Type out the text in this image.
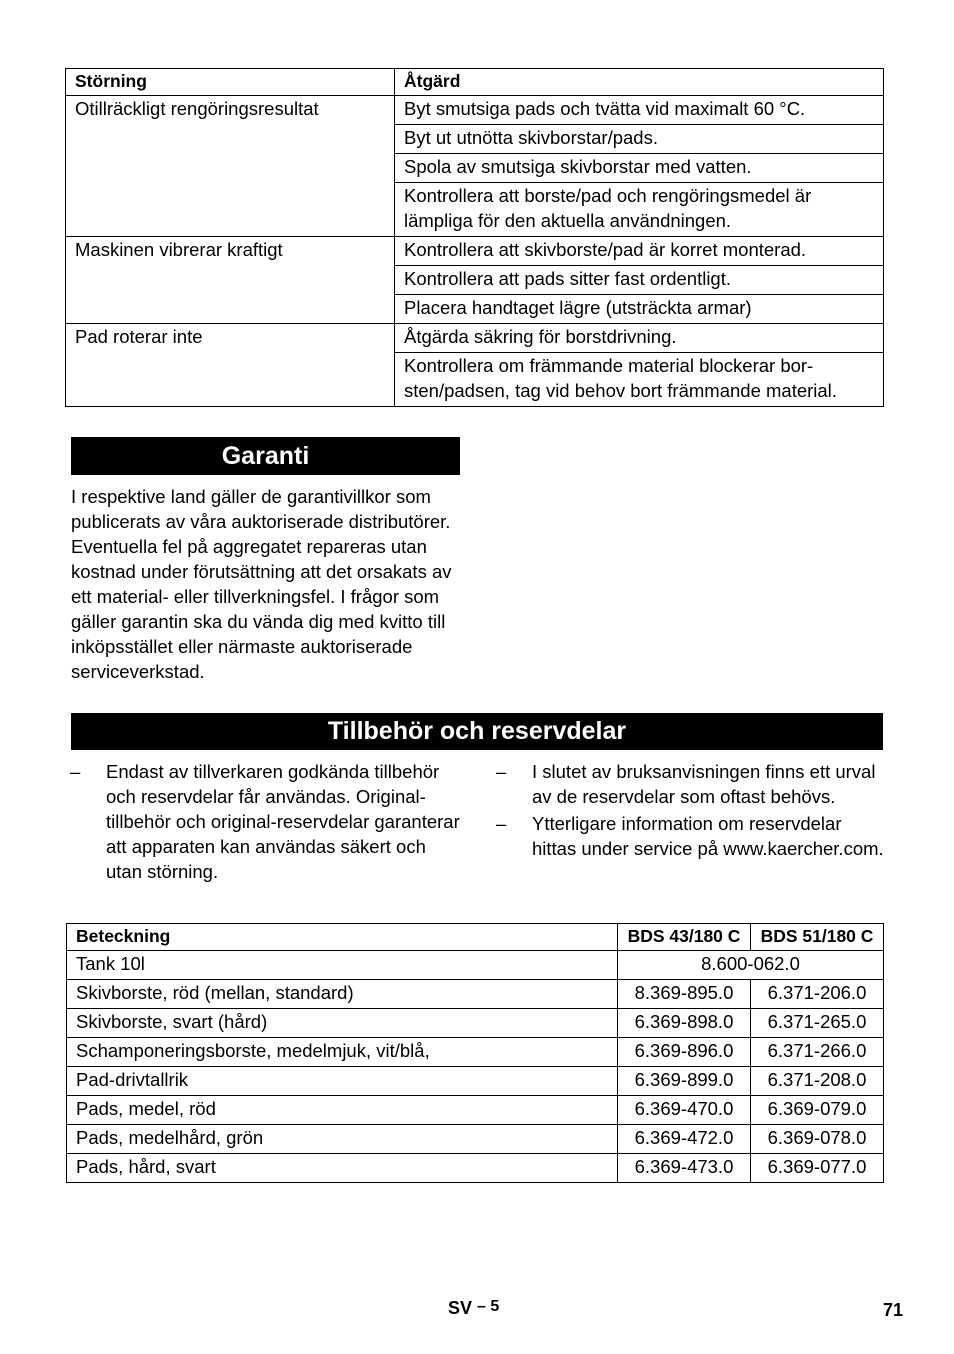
Störning	Åtgärd
Otillräckligt rengöringsresultat	Byt smutsiga pads och tvätta vid maximalt 60 °C.
	Byt ut utnötta skivborstar/pads.
	Spola av smutsiga skivborstar med vatten.
	Kontrollera att borste/pad och rengöringsmedel är lämpliga för den aktuella användningen.
Maskinen vibrerar kraftigt	Kontrollera att skivborste/pad är korret monterad.
	Kontrollera att pads sitter fast ordentligt.
	Placera handtaget lägre (utsträckta armar)
Pad roterar inte	Åtgärda säkring för borstdrivning.
	Kontrollera om främmande material blockerar bor-sten/padsen, tag vid behov bort främmande material.
Garanti

I respektive land gäller de garantivillkor som publicerats av våra auktoriserade distributörer. Eventuella fel på aggregatet repareras utan kostnad under förutsättning att det orsakats av ett material- eller tillverkningsfel. I frågor som gäller garantin ska du vända dig med kvitto till inköpsstället eller närmaste auktoriserade serviceverkstad.

Tillbehör och reservdelar
– Endast av tillverkaren godkända tillbehör och reservdelar får användas. Original-tillbehör och original-reservdelar garanterar att apparaten kan användas säkert och utan störning.
– I slutet av bruksanvisningen finns ett urval av de reservdelar som oftast behövs.
– Ytterligare information om reservdelar hittas under service på www.kaercher.com.
Beteckning	BDS 43/180 C	BDS 51/180 C
Tank 10l	8.600-062.0	
Skivborste, röd (mellan, standard)	8.369-895.0	6.371-206.0
Skivborste, svart (hård)	6.369-898.0	6.371-265.0
Schamponeringsborste, medelmjuk, vit/blå,	6.369-896.0	6.371-266.0
Pad-drivtallrik	6.369-899.0	6.371-208.0
Pads, medel, röd	6.369-470.0	6.369-079.0
Pads, medelhård, grön	6.369-472.0	6.369-078.0
Pads, hård, svart	6.369-473.0	6.369-077.0
SV – 5	71
